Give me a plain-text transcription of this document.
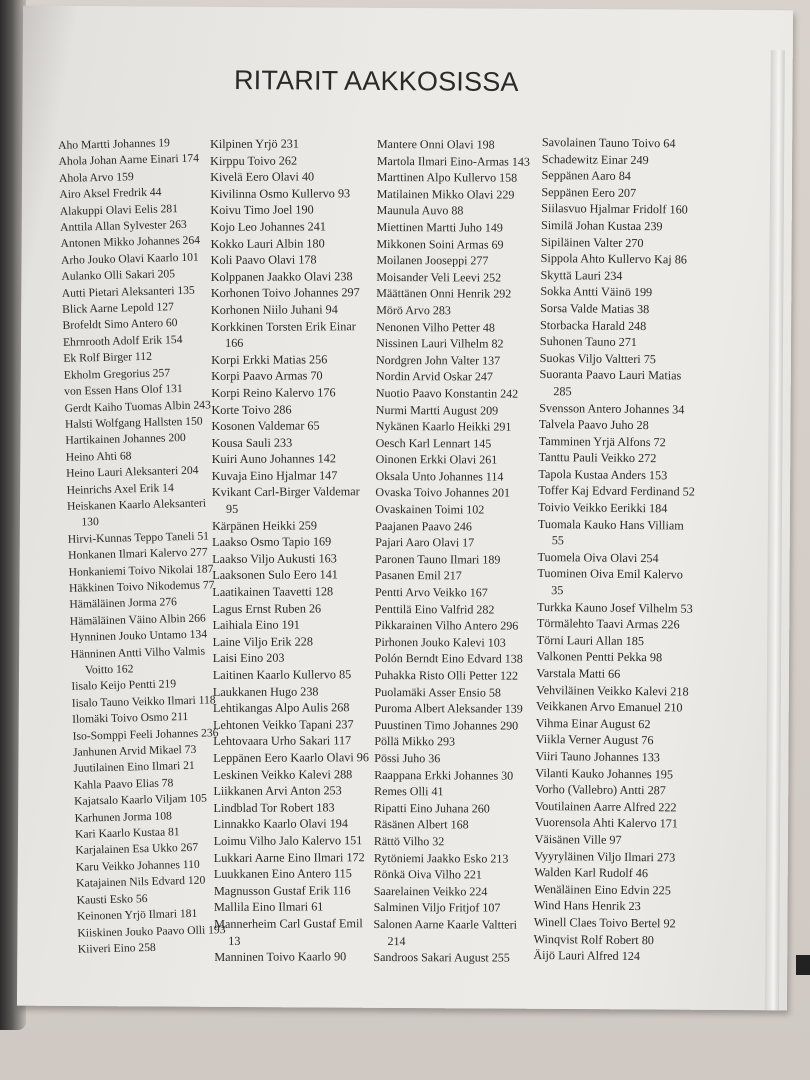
RITARIT AAKKOSISSA
Aho Martti Johannes 19
Ahola Johan Aarne Einari 174
Ahola Arvo 159
Airo Aksel Fredrik 44
Alakuppi Olavi Eelis 281
Anttila Allan Sylvester 263
Antonen Mikko Johannes 264
Arho Jouko Olavi Kaarlo 101
Aulanko Olli Sakari 205
Autti Pietari Aleksanteri 135
Blick Aarne Lepold 127
Brofeldt Simo Antero 60
Ehrnrooth Adolf Erik 154
Ek Rolf Birger 112
Ekholm Gregorius 257
von Essen Hans Olof 131
Gerdt Kaiho Tuomas Albin 243
Halsti Wolfgang Hallsten 150
Hartikainen Johannes 200
Heino Ahti 68
Heino Lauri Aleksanteri 204
Heinrichs Axel Erik 14
Heiskanen Kaarlo Aleksanteri
130
Hirvi-Kunnas Teppo Taneli 51
Honkanen Ilmari Kalervo 277
Honkaniemi Toivo Nikolai 187
Häkkinen Toivo Nikodemus 77
Hämäläinen Jorma 276
Hämäläinen Väino Albin 266
Hynninen Jouko Untamo 134
Hänninen Antti Vilho Valmis
Voitto 162
Iisalo Keijo Pentti 219
Iisalo Tauno Veikko Ilmari 118
Ilomäki Toivo Osmo 211
Iso-Somppi Feeli Johannes 236
Janhunen Arvid Mikael 73
Juutilainen Eino Ilmari 21
Kahla Paavo Elias 78
Kajatsalo Kaarlo Viljam 105
Karhunen Jorma 108
Kari Kaarlo Kustaa 81
Karjalainen Esa Ukko 267
Karu Veikko Johannes 110
Katajainen Nils Edvard 120
Kausti Esko 56
Keinonen Yrjö Ilmari 181
Kiiskinen Jouko Paavo Olli 193
Kiiveri Eino 258
Kilpinen Yrjö 231
Kirppu Toivo 262
Kivelä Eero Olavi 40
Kivilinna Osmo Kullervo 93
Koivu Timo Joel 190
Kojo Leo Johannes 241
Kokko Lauri Albin 180
Koli Paavo Olavi 178
Kolppanen Jaakko Olavi 238
Korhonen Toivo Johannes 297
Korhonen Niilo Juhani 94
Korkkinen Torsten Erik Einar
166
Korpi Erkki Matias 256
Korpi Paavo Armas 70
Korpi Reino Kalervo 176
Korte Toivo 286
Kosonen Valdemar 65
Kousa Sauli 233
Kuiri Auno Johannes 142
Kuvaja Eino Hjalmar 147
Kvikant Carl-Birger Valdemar
95
Kärpänen Heikki 259
Laakso Osmo Tapio 169
Laakso Viljo Aukusti 163
Laaksonen Sulo Eero 141
Laatikainen Taavetti 128
Lagus Ernst Ruben 26
Laihiala Eino 191
Laine Viljo Erik 228
Laisi Eino 203
Laitinen Kaarlo Kullervo 85
Laukkanen Hugo 238
Lehtikangas Alpo Aulis 268
Lehtonen Veikko Tapani 237
Lehtovaara Urho Sakari 117
Leppänen Eero Kaarlo Olavi 96
Leskinen Veikko Kalevi 288
Liikkanen Arvi Anton 253
Lindblad Tor Robert 183
Linnakko Kaarlo Olavi 194
Loimu Vilho Jalo Kalervo 151
Lukkari Aarne Eino Ilmari 172
Luukkanen Eino Antero 115
Magnusson Gustaf Erik 116
Mallila Eino Ilmari 61
Mannerheim Carl Gustaf Emil
13
Manninen Toivo Kaarlo 90
Mantere Onni Olavi 198
Martola Ilmari Eino-Armas 143
Marttinen Alpo Kullervo 158
Matilainen Mikko Olavi 229
Maunula Auvo 88
Miettinen Martti Juho 149
Mikkonen Soini Armas 69
Moilanen Jooseppi 277
Moisander Veli Leevi 252
Määttänen Onni Henrik 292
Mörö Arvo 283
Nenonen Vilho Petter 48
Nissinen Lauri Vilhelm 82
Nordgren John Valter 137
Nordin Arvid Oskar 247
Nuotio Paavo Konstantin 242
Nurmi Martti August 209
Nykänen Kaarlo Heikki 291
Oesch Karl Lennart 145
Oinonen Erkki Olavi 261
Oksala Unto Johannes 114
Ovaska Toivo Johannes 201
Ovaskainen Toimi 102
Paajanen Paavo 246
Pajari Aaro Olavi 17
Paronen Tauno Ilmari 189
Pasanen Emil 217
Pentti Arvo Veikko 167
Penttilä Eino Valfrid 282
Pikkarainen Vilho Antero 296
Pirhonen Jouko Kalevi 103
Polón Berndt Eino Edvard 138
Puhakka Risto Olli Petter 122
Puolamäki Asser Ensio 58
Puroma Albert Aleksander 139
Puustinen Timo Johannes 290
Pöllä Mikko 293
Pössi Juho 36
Raappana Erkki Johannes 30
Remes Olli 41
Ripatti Eino Juhana 260
Räsänen Albert 168
Rättö Vilho 32
Rytöniemi Jaakko Esko 213
Rönkä Oiva Vilho 221
Saarelainen Veikko 224
Salminen Viljo Fritjof 107
Salonen Aarne Kaarle Valtteri
214
Sandroos Sakari August 255
Savolainen Tauno Toivo 64
Schadewitz Einar 249
Seppänen Aaro 84
Seppänen Eero 207
Siilasvuo Hjalmar Fridolf 160
Similä Johan Kustaa 239
Sipiläinen Valter 270
Sippola Ahto Kullervo Kaj 86
Skyttä Lauri 234
Sokka Antti Väinö 199
Sorsa Valde Matias 38
Storbacka Harald 248
Suhonen Tauno 271
Suokas Viljo Valtteri 75
Suoranta Paavo Lauri Matias
285
Svensson Antero Johannes 34
Talvela Paavo Juho 28
Tamminen Yrjä Alfons 72
Tanttu Pauli Veikko 272
Tapola Kustaa Anders 153
Toffer Kaj Edvard Ferdinand 52
Toivio Veikko Eerikki 184
Tuomala Kauko Hans Villiam
55
Tuomela Oiva Olavi 254
Tuominen Oiva Emil Kalervo
35
Turkka Kauno Josef Vilhelm 53
Törmälehto Taavi Armas 226
Törni Lauri Allan 185
Valkonen Pentti Pekka 98
Varstala Matti 66
Vehviläinen Veikko Kalevi 218
Veikkanen Arvo Emanuel 210
Vihma Einar August 62
Viikla Verner August 76
Viiri Tauno Johannes 133
Vilanti Kauko Johannes 195
Vorho (Vallebro) Antti 287
Voutilainen Aarre Alfred 222
Vuorensola Ahti Kalervo 171
Väisänen Ville 97
Vyyryläinen Viljo Ilmari 273
Walden Karl Rudolf 46
Wenäläinen Eino Edvin 225
Wind Hans Henrik 23
Winell Claes Toivo Bertel 92
Winqvist Rolf Robert 80
Äijö Lauri Alfred 124
